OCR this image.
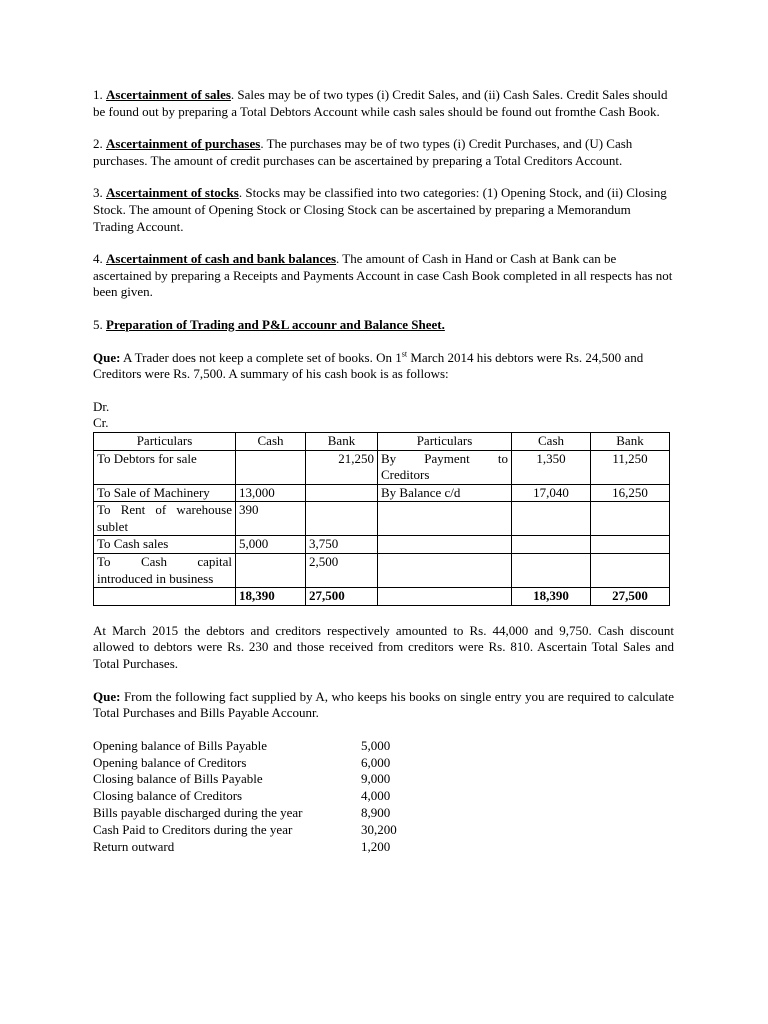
1. Ascertainment of sales. Sales may be of two types (i) Credit Sales, and (ii) Cash Sales. Credit Sales should be found out by preparing a Total Debtors Account while cash sales should be found out fromthe Cash Book.

2. Ascertainment of purchases. The purchases may be of two types (i) Credit Purchases, and (U) Cash purchases. The amount of credit purchases can be ascertained by preparing a Total Creditors Account.

3. Ascertainment of stocks. Stocks may be classified into two categories: (1) Opening Stock, and (ii) Closing Stock. The amount of Opening Stock or Closing Stock can be ascertained by preparing a Memorandum Trading Account.

4. Ascertainment of cash and bank balances. The amount of Cash in Hand or Cash at Bank can be ascertained by preparing a Receipts and Payments Account in case Cash Book completed in all respects has not been given.

5. Preparation of Trading and P&L accounr and Balance Sheet.

Que: A Trader does not keep a complete set of books. On 1st March 2014 his debtors were Rs. 24,500 and Creditors were Rs. 7,500. A summary of his cash book is as follows:

Dr.

Cr.

Particulars	Cash	Bank	Particulars	Cash	Bank
To Debtors for sale		21,250	By Payment to Creditors	1,350	11,250
To Sale of Machinery	13,000		By Balance c/d	17,040	16,250
To Rent of warehouse sublet	390				
To Cash sales	5,000	3,750			
To Cash capital introduced in business		2,500			
	18,390	27,500		18,390	27,500

At March 2015 the debtors and creditors respectively amounted to Rs. 44,000 and 9,750. Cash discount allowed to debtors were Rs. 230 and those received from creditors were Rs. 810. Ascertain Total Sales and Total Purchases.

Que: From the following fact supplied by A, who keeps his books on single entry you are required to calculate Total Purchases and Bills Payable Accounr.

Opening balance of Bills Payable	5,000
Opening balance of Creditors	6,000
Closing balance of Bills Payable	9,000
Closing balance of Creditors	4,000
Bills payable discharged during the year	8,900
Cash Paid to Creditors during the year	30,200
Return outward	1,200
